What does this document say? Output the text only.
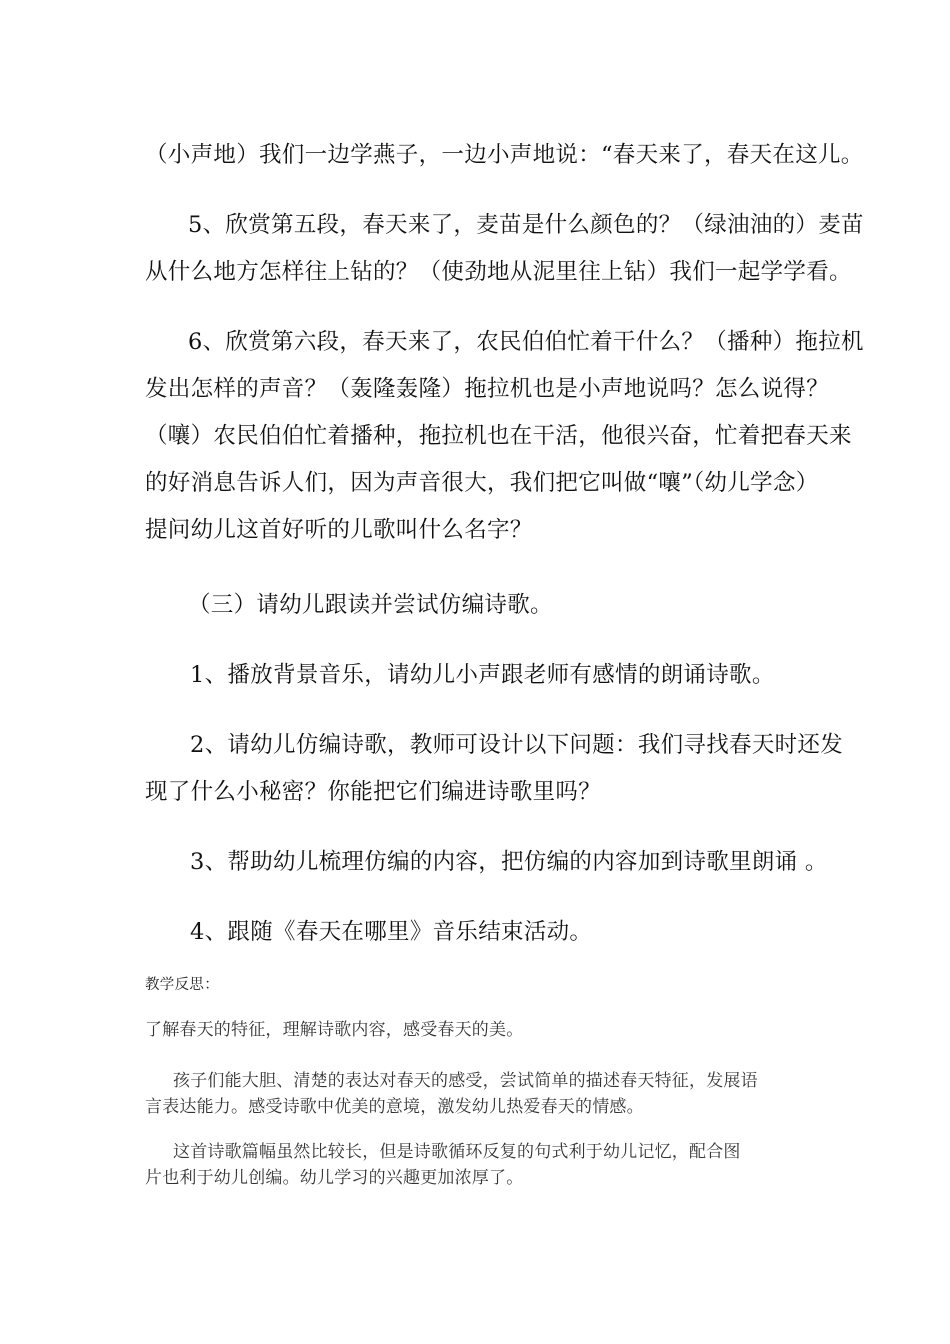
（小声地）我们一边学燕子，一边小声地说：“春天来了，春天在这儿。
5、欣赏第五段，春天来了，麦苗是什么颜色的？（绿油油的）麦苗
从什么地方怎样往上钻的？（使劲地从泥里往上钻）我们一起学学看。
6、欣赏第六段，春天来了，农民伯伯忙着干什么？（播种）拖拉机
发出怎样的声音？（轰隆轰隆）拖拉机也是小声地说吗？怎么说得？
（嚷）农民伯伯忙着播种，拖拉机也在干活，他很兴奋，忙着把春天来
的好消息告诉人们，因为声音很大，我们把它叫做“嚷”（幼儿学念）
提问幼儿这首好听的儿歌叫什么名字？
（三）请幼儿跟读并尝试仿编诗歌。
1、播放背景音乐，请幼儿小声跟老师有感情的朗诵诗歌。
2、请幼儿仿编诗歌，教师可设计以下问题：我们寻找春天时还发
现了什么小秘密？你能把它们编进诗歌里吗？
3、帮助幼儿梳理仿编的内容，把仿编的内容加到诗歌里朗诵 。
4、跟随《春天在哪里》音乐结束活动。
教学反思：
了解春天的特征，理解诗歌内容，感受春天的美。
孩子们能大胆、清楚的表达对春天的感受，尝试简单的描述春天特征，发展语
言表达能力。感受诗歌中优美的意境，激发幼儿热爱春天的情感。
这首诗歌篇幅虽然比较长，但是诗歌循环反复的句式利于幼儿记忆，配合图
片也利于幼儿创编。幼儿学习的兴趣更加浓厚了。
